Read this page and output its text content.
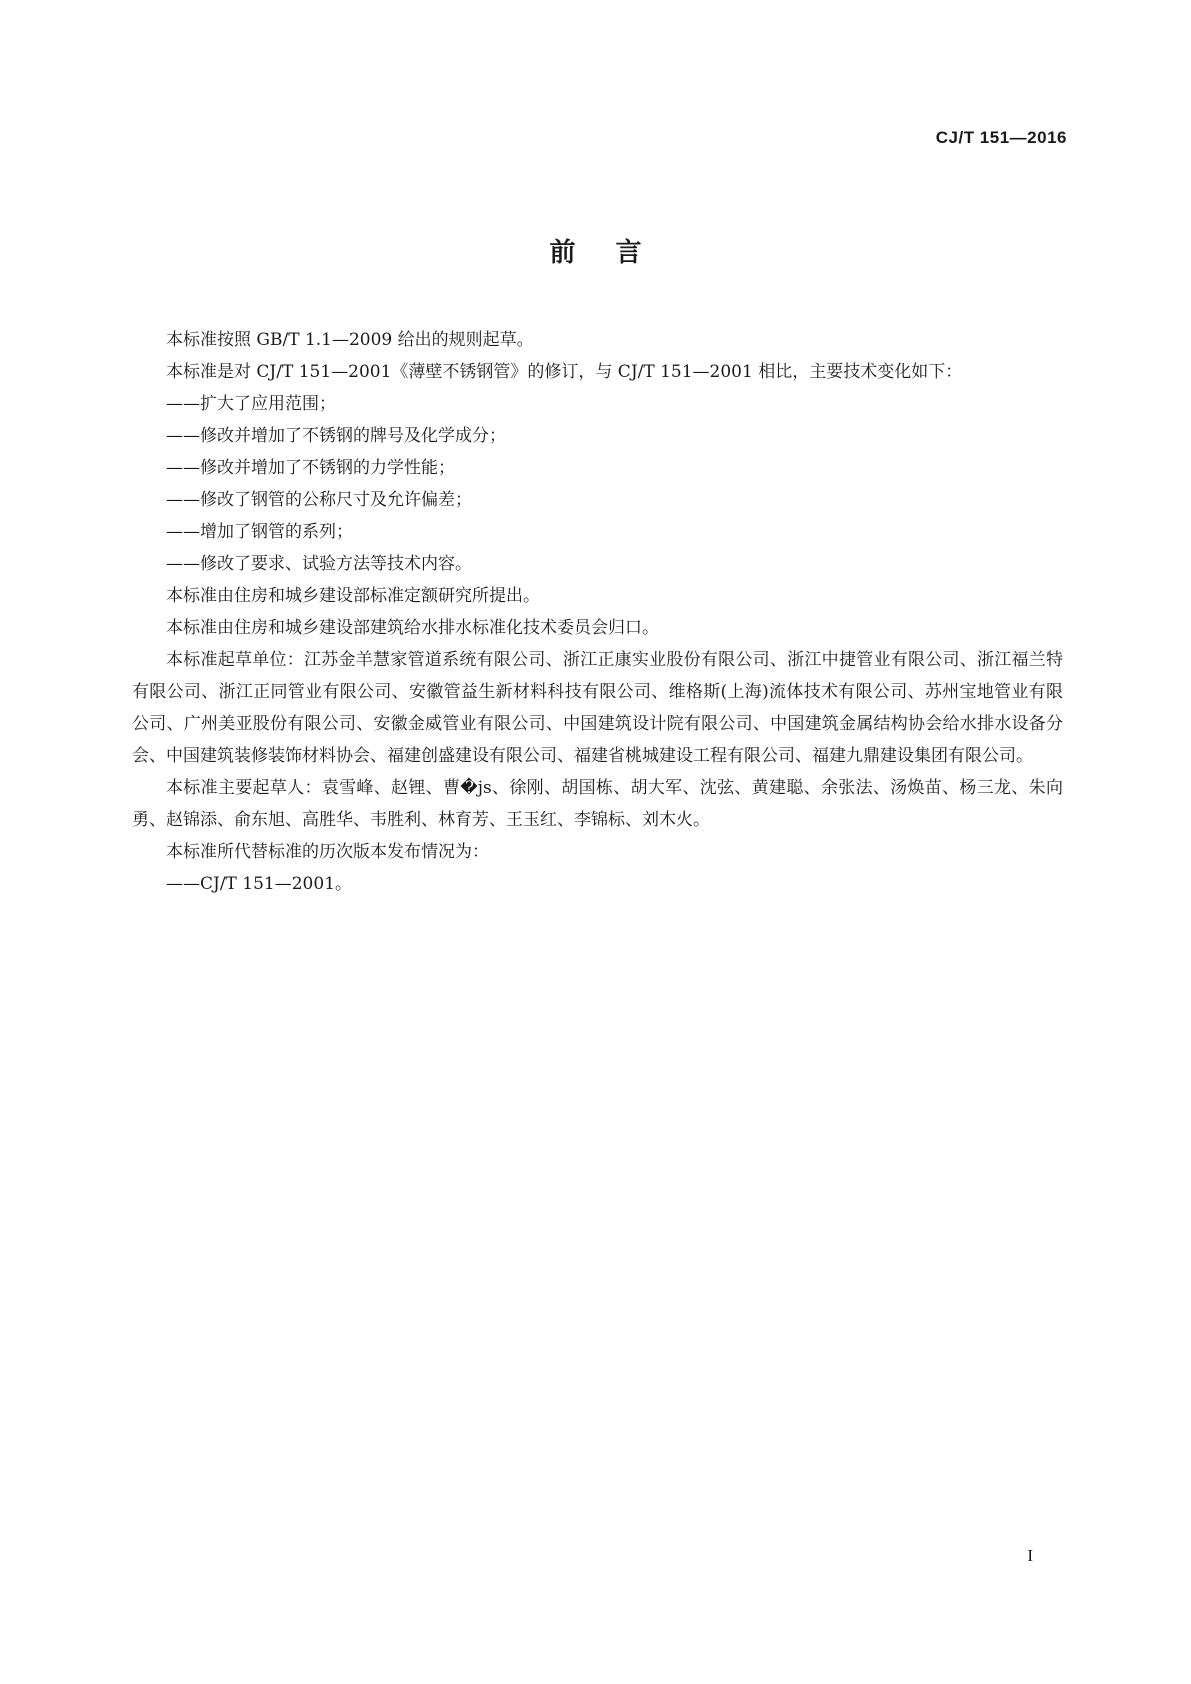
CJ/T 151—2016
前言

本标准按照 GB/T 1.1—2009 给出的规则起草。

本标准是对 CJ/T 151—2001《薄壁不锈钢管》的修订，与 CJ/T 151—2001 相比，主要技术变化如下：

——扩大了应用范围；

——修改并增加了不锈钢的牌号及化学成分；

——修改并增加了不锈钢的力学性能；

——修改了钢管的公称尺寸及允许偏差；

——增加了钢管的系列；

——修改了要求、试验方法等技术内容。

本标准由住房和城乡建设部标准定额研究所提出。

本标准由住房和城乡建设部建筑给水排水标准化技术委员会归口。

本标准起草单位：江苏金羊慧家管道系统有限公司、浙江正康实业股份有限公司、浙江中捷管业有限公司、浙江福兰特有限公司、浙江正同管业有限公司、安徽管益生新材料科技有限公司、维格斯(上海)流体技术有限公司、苏州宝地管业有限公司、广州美亚股份有限公司、安徽金威管业有限公司、中国建筑设计院有限公司、中国建筑金属结构协会给水排水设备分会、中国建筑装修装饰材料协会、福建创盛建设有限公司、福建省桃城建设工程有限公司、福建九鼎建设集团有限公司。

本标准主要起草人：袁雪峰、赵锂、曹�js、徐刚、胡国栋、胡大军、沈弦、黄建聪、余张法、汤焕苗、杨三龙、朱向勇、赵锦添、俞东旭、高胜华、韦胜利、林育芳、王玉红、李锦标、刘木火。

本标准所代替标准的历次版本发布情况为：

——CJ/T 151—2001。

I
